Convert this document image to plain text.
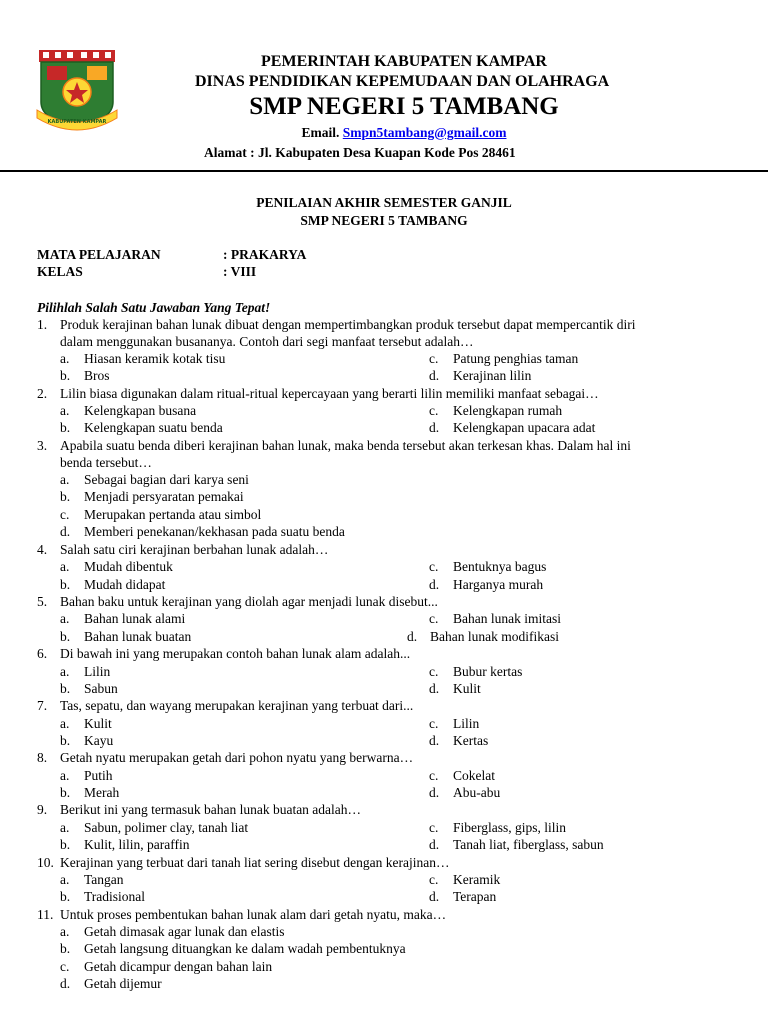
KABUPATEN KAMPAR
PEMERINTAH KABUPATEN KAMPAR
DINAS PENDIDIKAN KEPEMUDAAN DAN OLAHRAGA
SMP NEGERI 5 TAMBANG
Email. Smpn5tambang@gmail.com
Alamat : Jl. Kabupaten Desa Kuapan Kode Pos 28461
PENILAIAN AKHIR SEMESTER GANJIL
SMP NEGERI 5 TAMBANG
MATA PELAJARAN	: PRAKARYA
KELAS	: VIII
Pilihlah Salah Satu Jawaban Yang Tepat!
1. Produk kerajinan bahan lunak dibuat dengan mempertimbangkan produk tersebut dapat mempercantik diri
dalam menggunakan busananya. Contoh dari segi manfaat tersebut adalah…
a. Hiasan keramik kotak tisu	c. Patung penghias taman
b. Bros	d. Kerajinan lilin
2. Lilin biasa digunakan dalam ritual-ritual kepercayaan yang berarti lilin memiliki manfaat sebagai…
a. Kelengkapan busana	c. Kelengkapan rumah
b. Kelengkapan suatu benda	d. Kelengkapan upacara adat
3. Apabila suatu benda diberi kerajinan bahan lunak, maka benda tersebut akan terkesan khas. Dalam hal ini
benda tersebut…
a. Sebagai bagian dari karya seni
b. Menjadi persyaratan pemakai
c. Merupakan pertanda atau simbol
d. Memberi penekanan/kekhasan pada suatu benda
4. Salah satu ciri kerajinan berbahan lunak adalah…
a. Mudah dibentuk	c. Bentuknya bagus
b. Mudah didapat	d. Harganya murah
5. Bahan baku untuk kerajinan yang diolah agar menjadi lunak disebut...
a. Bahan lunak alami	c. Bahan lunak imitasi
b. Bahan lunak buatan	d. Bahan lunak modifikasi
6. Di bawah ini yang merupakan contoh bahan lunak alam adalah...
a. Lilin	c. Bubur kertas
b. Sabun	d. Kulit
7. Tas, sepatu, dan wayang merupakan kerajinan yang terbuat dari...
a. Kulit	c. Lilin
b. Kayu	d. Kertas
8. Getah nyatu merupakan getah dari pohon nyatu yang berwarna…
a. Putih	c. Cokelat
b. Merah	d. Abu-abu
9. Berikut ini yang termasuk bahan lunak buatan adalah…
a. Sabun, polimer clay, tanah liat	c. Fiberglass, gips, lilin
b. Kulit, lilin, paraffin	d. Tanah liat, fiberglass, sabun
10. Kerajinan yang terbuat dari tanah liat sering disebut dengan kerajinan…
a. Tangan	c. Keramik
b. Tradisional	d. Terapan
11. Untuk proses pembentukan bahan lunak alam dari getah nyatu, maka…
a. Getah dimasak agar lunak dan elastis
b. Getah langsung dituangkan ke dalam wadah pembentuknya
c. Getah dicampur dengan bahan lain
d. Getah dijemur
